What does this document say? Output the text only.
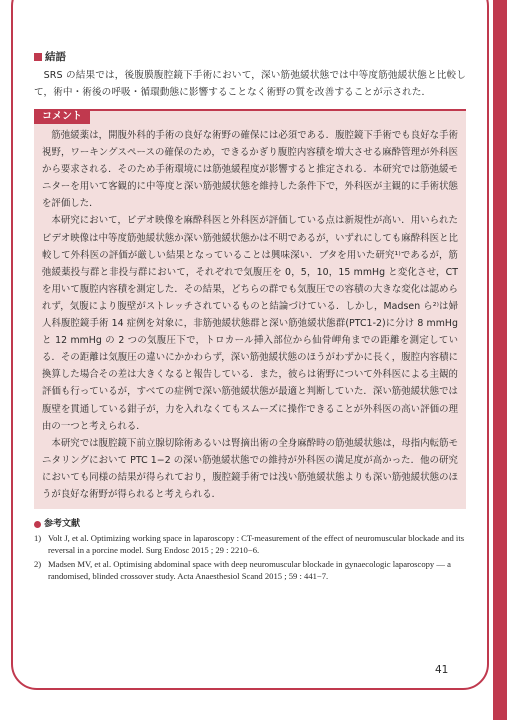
結語

SRS の結果では，後腹膜腹腔鏡下手術において，深い筋弛緩状態では中等度筋弛緩状態と比較して，術中・術後の呼吸・循環動態に影響することなく術野の質を改善することが示された．

コメント

筋弛緩薬は，開腹外科的手術の良好な術野の確保には必須である．腹腔鏡下手術でも良好な手術視野，ワーキングスペースの確保のため，できるかぎり腹腔内容積を増大させる麻酔管理が外科医から要求される．そのため手術環境には筋弛緩程度が影響すると推定される．本研究では筋弛緩モニターを用いて客観的に中等度と深い筋弛緩状態を維持した条件下で，外科医が主観的に手術状態を評価した．

本研究において，ビデオ映像を麻酔科医と外科医が評価している点は新規性が高い．用いられたビデオ映像は中等度筋弛緩状態か深い筋弛緩状態かは不明であるが，いずれにしても麻酔科医と比較して外科医の評価が厳しい結果となっていることは興味深い．ブタを用いた研究¹⁾であるが，筋弛緩薬投与群と非投与群において，それぞれで気腹圧を 0，5，10，15 mmHg と変化させ，CT を用いて腹腔内容積を測定した．その結果，どちらの群でも気腹圧での容積の大きな変化は認められず，気腹により腹壁がストレッチされているものと結論づけている．しかし，Madsen ら²⁾は婦人科腹腔鏡手術 14 症例を対象に，非筋弛緩状態群と深い筋弛緩状態群(PTC1-2)に分け 8 mmHg と 12 mmHg の 2 つの気腹圧下で，トロカール挿入部位から仙骨岬角までの距離を測定している．その距離は気腹圧の違いにかかわらず，深い筋弛緩状態のほうがわずかに長く，腹腔内容積に換算した場合その差は大きくなると報告している．また，彼らは術野について外科医による主観的評価も行っているが，すべての症例で深い筋弛緩状態が最適と判断していた．深い筋弛緩状態では腹壁を貫通している鉗子が，力を入れなくてもスムーズに操作できることが外科医の高い評価の理由の一つと考えられる．

本研究では腹腔鏡下前立腺切除術あるいは腎摘出術の全身麻酔時の筋弛緩状態は，母指内転筋モニタリングにおいて PTC 1−2 の深い筋弛緩状態での維持が外科医の満足度が高かった．他の研究においても同様の結果が得られており，腹腔鏡手術では浅い筋弛緩状態よりも深い筋弛緩状態のほうが良好な術野が得られると考えられる．

参考文献
1) Volt J, et al. Optimizing working space in laparoscopy : CT-measurement of the effect of neuromuscular blockade and its reversal in a porcine model. Surg Endosc 2015 ; 29 : 2210−6.
2) Madsen MV, et al. Optimising abdominal space with deep neuromuscular blockade in gynaecologic laparoscopy — a randomised, blinded crossover study. Acta Anaesthesiol Scand 2015 ; 59 : 441−7.
41
